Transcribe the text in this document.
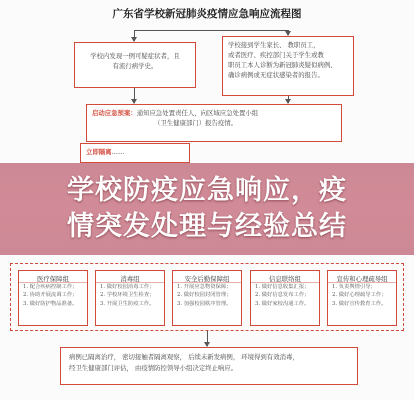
广东省学校新冠肺炎疫情应急响应流程图
学校内发现一例可疑症状者，且
有流行病学史。
学校接到学生家长、 教职员工，
或者医疗、疾控部门关于学生或教
职员工本人诊断为新冠肺炎疑似病例、
确诊病例或无症状感染者的报告。
启动应急预案：通知应急处置责任人，向区域应急处置小组
（卫生健康部门）报告疫情。
立即隔离……
医疗保障组
1. 配合疾病控制工作；
2. 协助开展流调工作；
3. 做好防护物品准备。
消毒组
1. 做好校园消毒工作；
2. 学校环境卫生检查；
3. 开展卫生防疫工作。
安全后勤保障组
1. 开展应急物资保障；
2. 做好校园封闭管理；
3. 加强校园秩序管理。
信息联络组
1. 做好信息收集汇报；
2. 做好信息发布工作；
3. 做好家校沟通工作。
宣传和心理疏导组
1. 负责舆情引导；
2. 做好心理疏导工作；
3. 做好宣传教育工作。
病例已隔离治疗， 密切接触者隔离观察， 后续未新发病例， 环境得到有效消毒，
经卫生健康部门评估， 由疫情防控领导小组决定终止响应。
学校防疫应急响应，疫
情突发处理与经验总结
